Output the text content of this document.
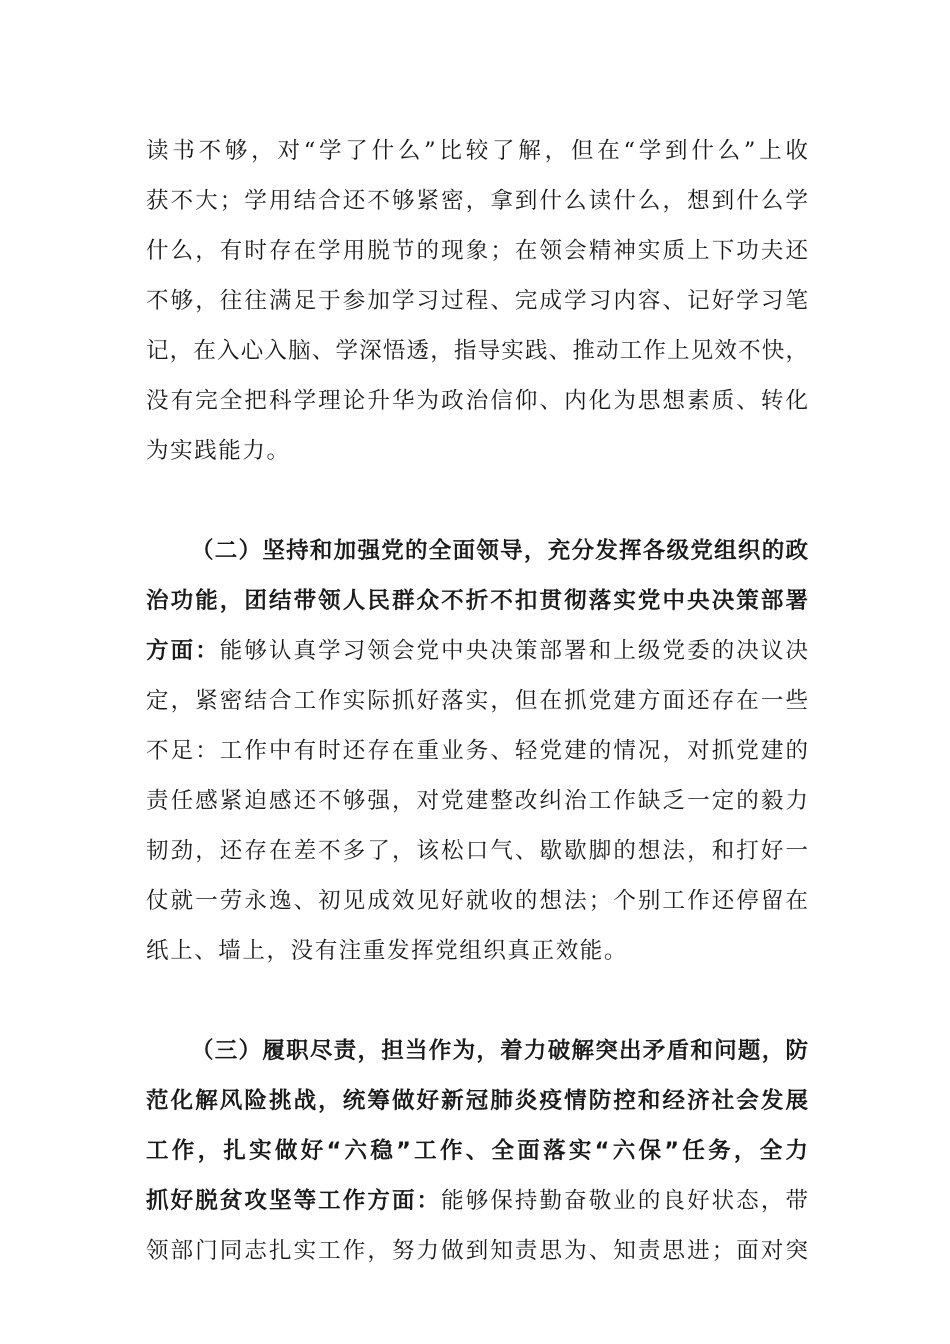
读书不够，对“学了什么”比较了解，但在“学到什么”上收
获不大；学用结合还不够紧密，拿到什么读什么，想到什么学
什么，有时存在学用脱节的现象；在领会精神实质上下功夫还
不够，往往满足于参加学习过程、完成学习内容、记好学习笔
记，在入心入脑、学深悟透，指导实践、推动工作上见效不快，
没有完全把科学理论升华为政治信仰、内化为思想素质、转化
为实践能力。
（二）坚持和加强党的全面领导，充分发挥各级党组织的政
治功能，团结带领人民群众不折不扣贯彻落实党中央决策部署
方面：能够认真学习领会党中央决策部署和上级党委的决议决
定，紧密结合工作实际抓好落实，但在抓党建方面还存在一些
不足：工作中有时还存在重业务、轻党建的情况，对抓党建的
责任感紧迫感还不够强，对党建整改纠治工作缺乏一定的毅力
韧劲，还存在差不多了，该松口气、歇歇脚的想法，和打好一
仗就一劳永逸、初见成效见好就收的想法；个别工作还停留在
纸上、墙上，没有注重发挥党组织真正效能。
（三）履职尽责，担当作为，着力破解突出矛盾和问题，防
范化解风险挑战，统筹做好新冠肺炎疫情防控和经济社会发展
工作，扎实做好“六稳”工作、全面落实“六保”任务，全力
抓好脱贫攻坚等工作方面：能够保持勤奋敬业的良好状态，带
领部门同志扎实工作，努力做到知责思为、知责思进；面对突
